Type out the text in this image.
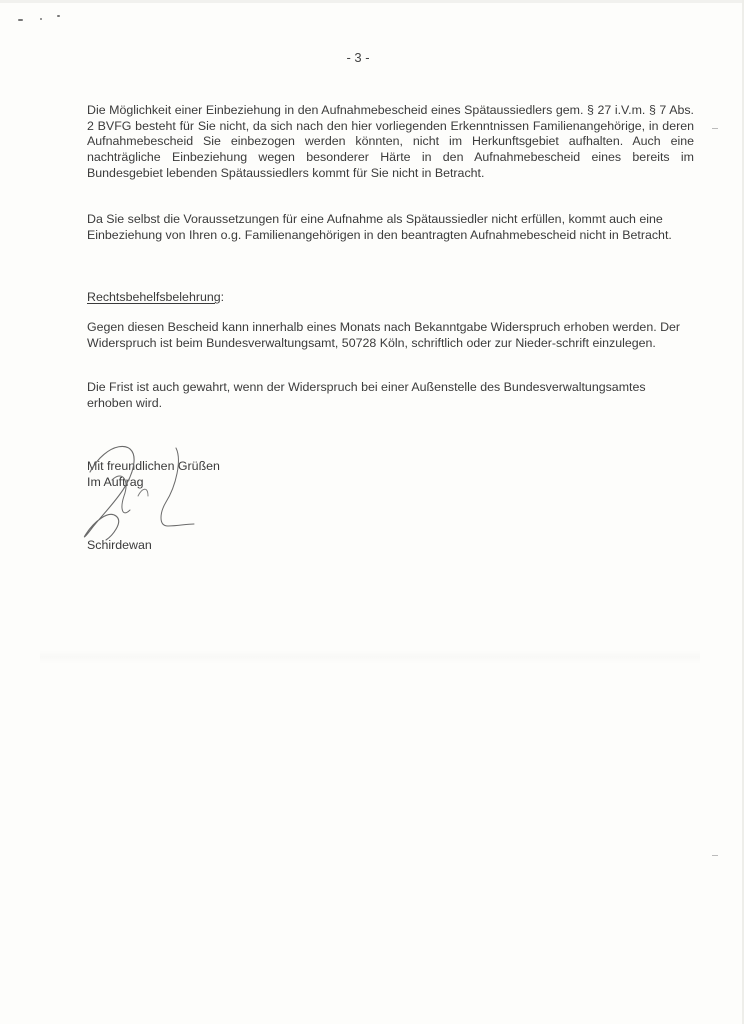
- 3 -
Die Möglichkeit einer Einbeziehung in den Aufnahmebescheid eines Spätaussiedlers gem. § 27 i.V.m. § 7 Abs. 2 BVFG besteht für Sie nicht, da sich nach den hier vorliegenden Erkenntnissen Familienangehörige, in deren Aufnahmebescheid Sie einbezogen werden könnten, nicht im Herkunftsgebiet aufhalten. Auch eine nachträgliche Einbeziehung wegen besonderer Härte in den Aufnahmebescheid eines bereits im Bundesgebiet lebenden Spätaussiedlers kommt für Sie nicht in Betracht.
Da Sie selbst die Voraussetzungen für eine Aufnahme als Spätaussiedler nicht erfüllen, kommt auch eine Einbeziehung von Ihren o.g. Familienangehörigen in den beantragten Aufnahmebescheid nicht in Betracht.
Rechtsbehelfsbelehrung:
Gegen diesen Bescheid kann innerhalb eines Monats nach Bekanntgabe Widerspruch erhoben werden. Der Widerspruch ist beim Bundesverwaltungsamt, 50728 Köln, schriftlich oder zur Nieder-schrift einzulegen.
Die Frist ist auch gewahrt, wenn der Widerspruch bei einer Außenstelle des Bundesverwaltungsamtes erhoben wird.
Mit freundlichen Grüßen
Im Auftrag
Schirdewan
